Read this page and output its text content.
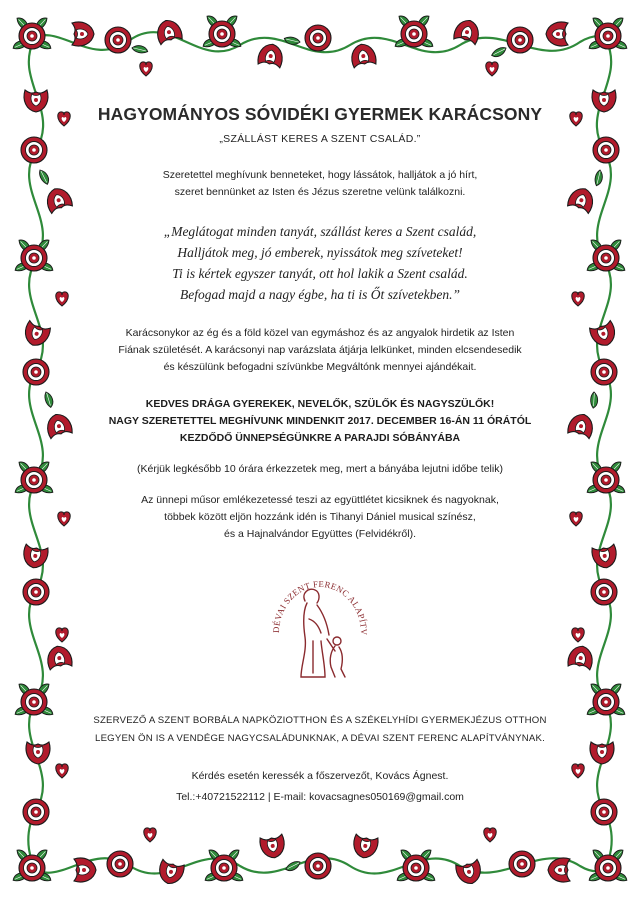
HAGYOMÁNYOS SÓVIDÉKI GYERMEK KARÁCSONY

„SZÁLLÁST KERES A SZENT CSALÁD.”

Szeretettel meghívunk benneteket, hogy lássátok, halljátok a jó hírt,

szeret bennünket az Isten és Jézus szeretne velünk találkozni.

„Meglátogat minden tanyát, szállást keres a Szent család,

Halljátok meg, jó emberek, nyissátok meg szíveteket!

Ti is kértek egyszer tanyát, ott hol lakik a Szent család.

Befogad majd a nagy égbe, ha ti is Őt szívetekben.”

Karácsonykor az ég és a föld közel van egymáshoz és az angyalok hirdetik az Isten

Fiának születését. A karácsonyi nap varázslata átjárja lelkünket, minden elcsendesedik

és készülünk befogadni szívünkbe Megváltónk mennyei ajándékait.

KEDVES DRÁGA GYEREKEK, NEVELŐK, SZÜLŐK ÉS NAGYSZÜLŐK!

NAGY SZERETETTEL MEGHÍVUNK MINDENKIT 2017. DECEMBER 16-ÁN 11 ÓRÁTÓL

KEZDŐDŐ ÜNNEPSÉGÜNKRE A PARAJDI SÓBÁNYÁBA

(Kérjük legkésőbb 10 órára érkezzetek meg, mert a bányába lejutni időbe telik)

Az ünnepi műsor emlékezetessé teszi az együttlétet kicsiknek és nagyoknak,

többek között eljön hozzánk idén is Tihanyi Dániel musical színész,

és a Hajnalvándor Együttes (Felvidékről).

DÉVAI SZENT FERENC ALAPÍTV

SZERVEZŐ A SZENT BORBÁLA NAPKÖZIOTTHON ÉS A SZÉKELYHÍDI GYERMEKJÉZUS OTTHON

LEGYEN ÖN IS A VENDÉGE NAGYCSALÁDUNKNAK, A DÉVAI SZENT FERENC ALAPÍTVÁNYNAK.

Kérdés esetén keressék a főszervezőt, Kovács Ágnest.

Tel.:+40721522112 | E-mail: kovacsagnes050169@gmail.com
